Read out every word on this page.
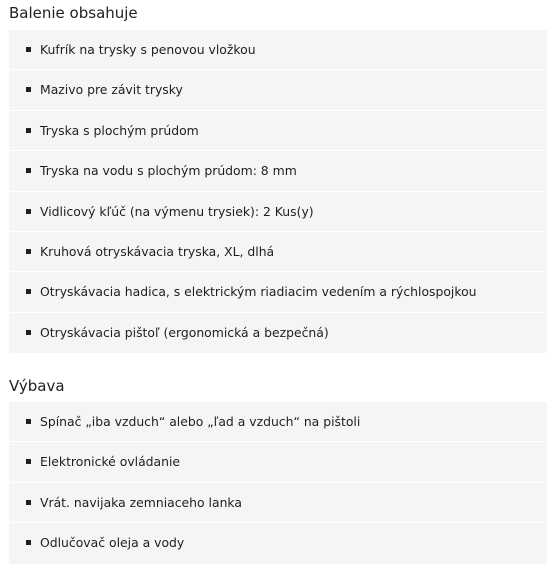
Balenie obsahuje
Kufrík na trysky s penovou vložkou
Mazivo pre závit trysky
Tryska s plochým prúdom
Tryska na vodu s plochým prúdom: 8 mm
Vidlicový kľúč (na výmenu trysiek): 2 Kus(y)
Kruhová otryskávacia tryska, XL, dlhá
Otryskávacia hadica, s elektrickým riadiacim vedením a rýchlospojkou
Otryskávacia pištoľ (ergonomická a bezpečná)
Výbava
Spínač „iba vzduch“ alebo „ľad a vzduch“ na pištoli
Elektronické ovládanie
Vrát. navijaka zemniaceho lanka
Odlučovač oleja a vody
